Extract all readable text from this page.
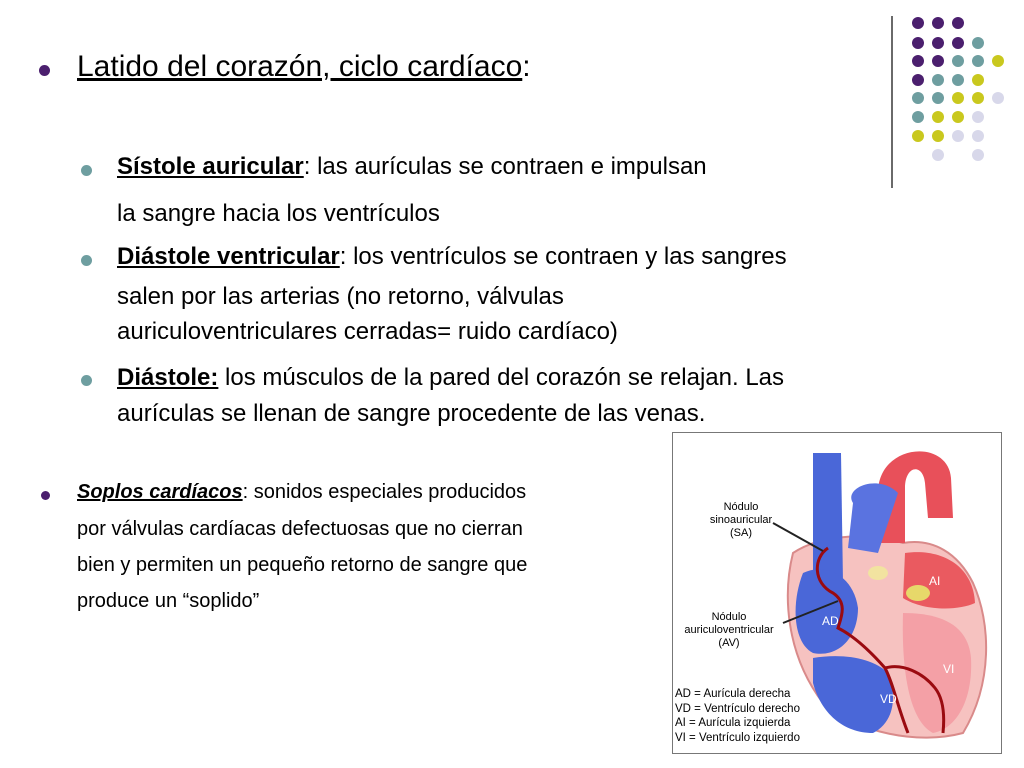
Latido del corazón, ciclo cardíaco:
Sístole auricular: las aurículas se contraen e impulsan
la sangre hacia los ventrículos
Diástole ventricular: los ventrículos se contraen y las sangres
salen por las arterias (no retorno, válvulas
auriculoventriculares cerradas= ruido cardíaco)
Diástole: los músculos de la pared del corazón se relajan. Las
aurículas se llenan de sangre procedente de las venas.
Soplos cardíacos: sonidos especiales producidos
por válvulas cardíacas defectuosas que no cierran
bien y permiten un pequeño retorno de sangre que
produce un “soplido”
Nódulo
sinoauricular
(SA)
Nódulo
auriculoventricular
(AV)
AD
AI
VI
VD
AD = Aurícula derecha
VD = Ventrículo derecho
AI = Aurícula izquierda
VI = Ventrículo izquierdo
